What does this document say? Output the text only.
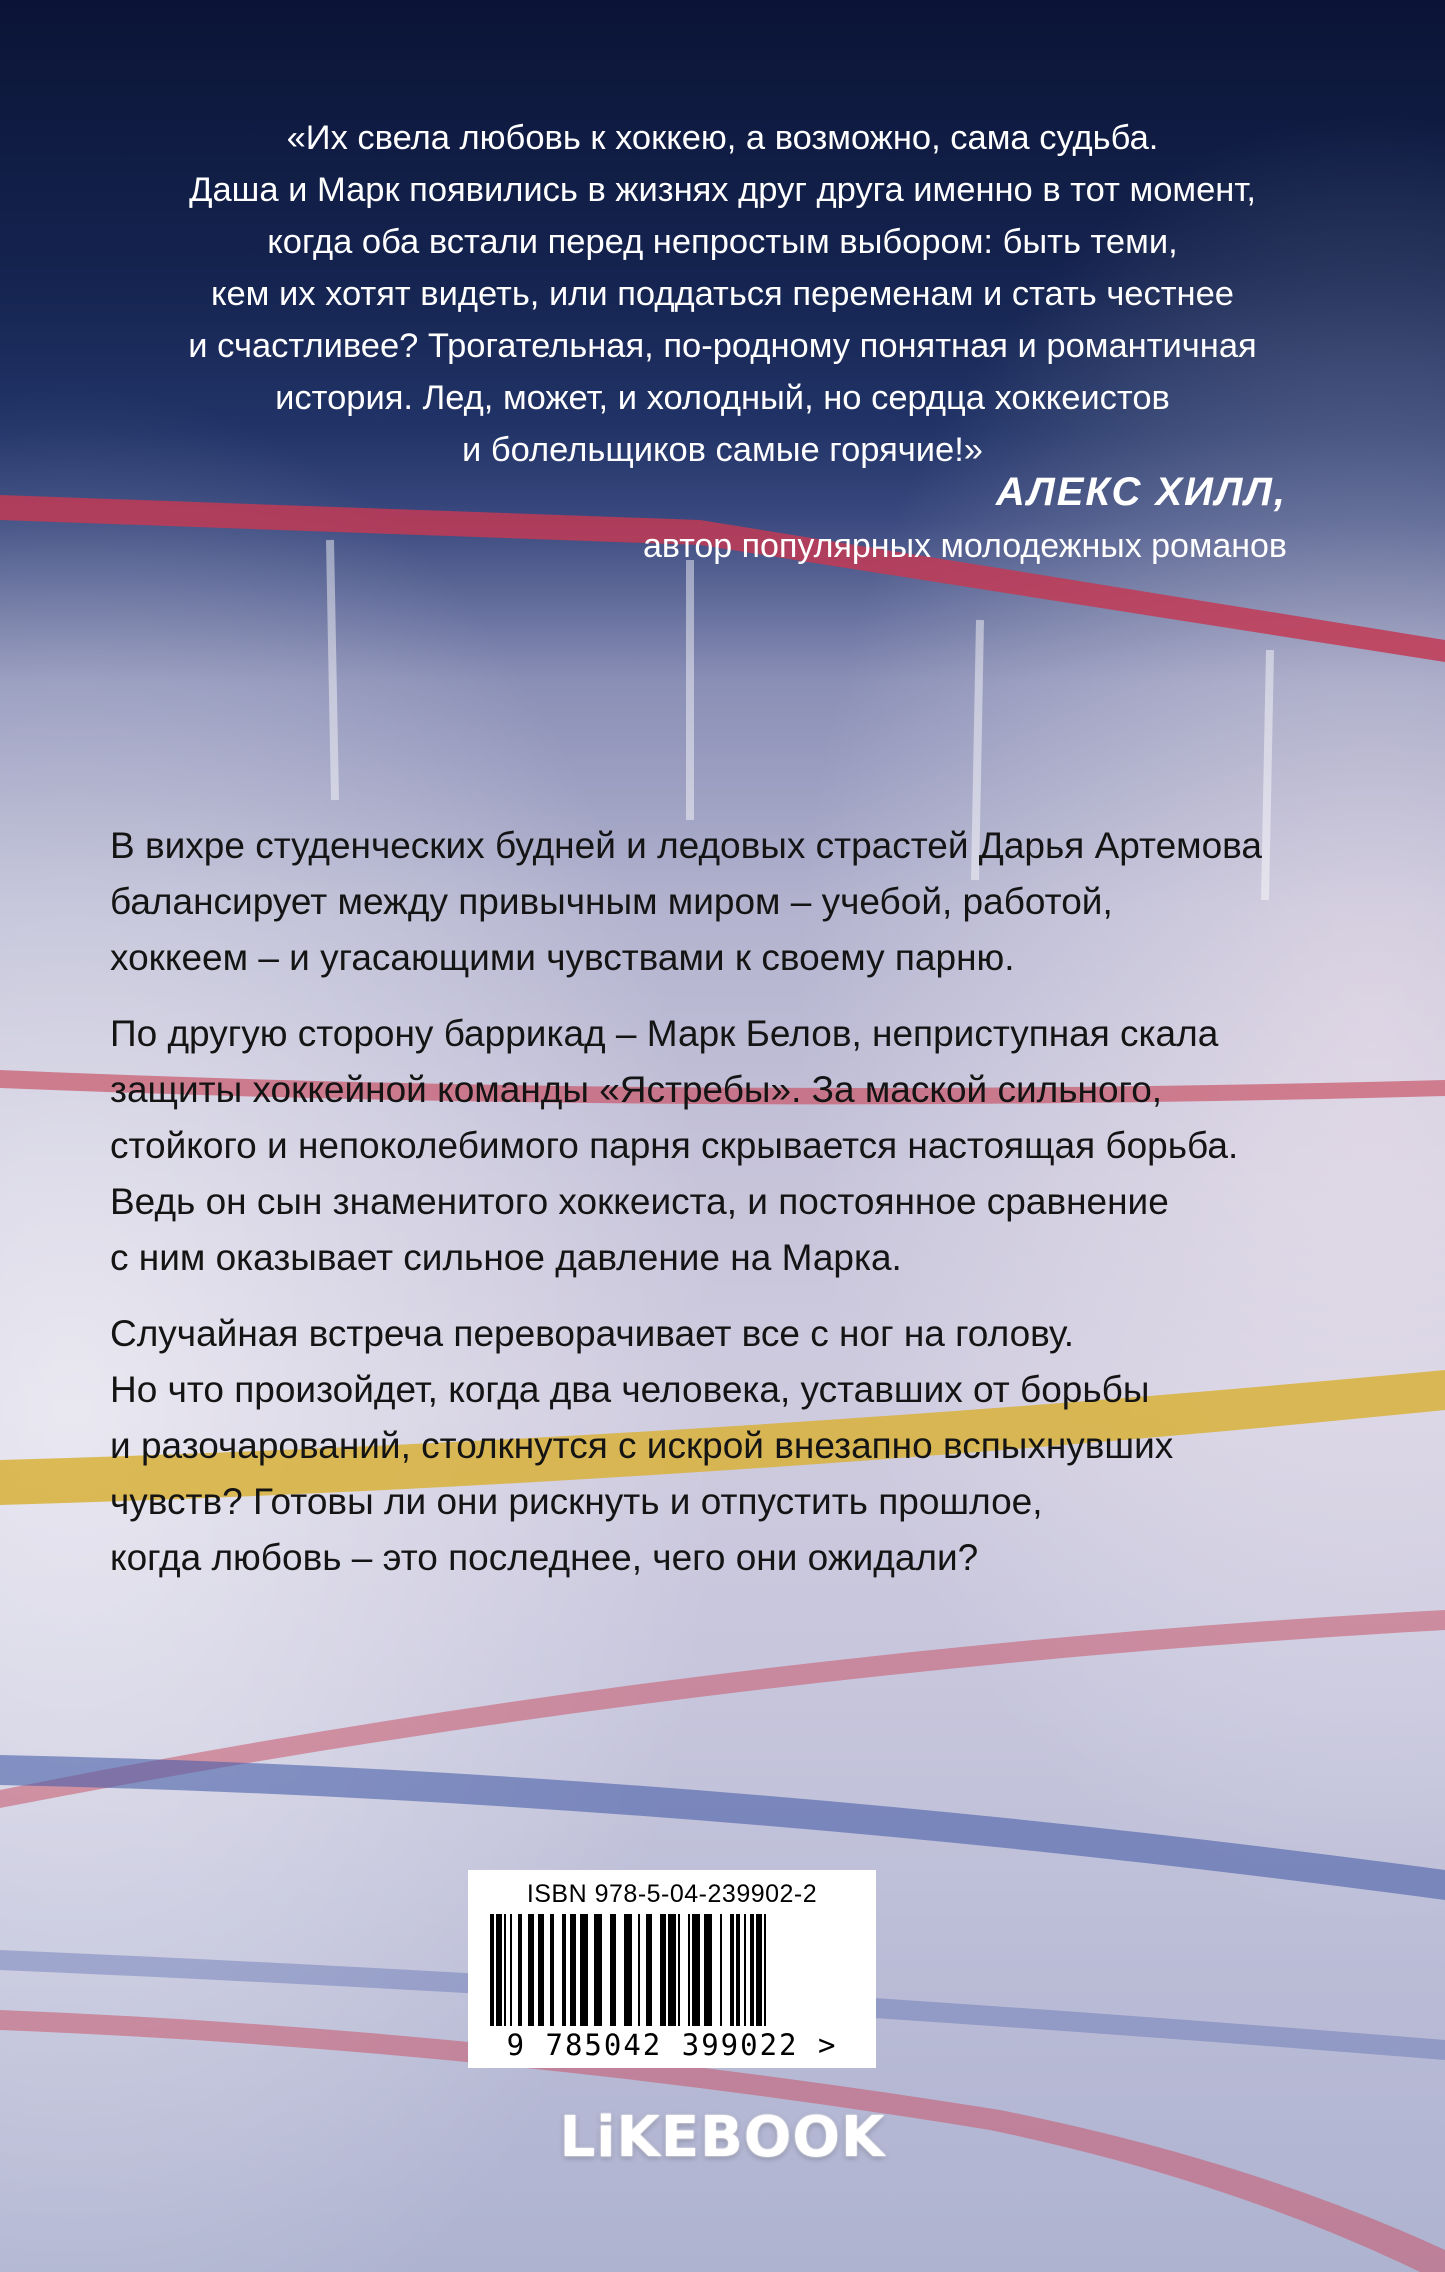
«Их свела любовь к хоккею, а возможно, сама судьба.

Даша и Марк появились в жизнях друг друга именно в тот момент,

когда оба встали перед непростым выбором: быть теми,

кем их хотят видеть, или поддаться переменам и стать честнее

и счастливее? Трогательная, по-родному понятная и романтичная

история. Лед, может, и холодный, но сердца хоккеистов

и болельщиков самые горячие!»

АЛЕКС ХИЛЛ,
автор популярных молодежных романов
В вихре студенческих будней и ледовых страстей Дарья Артемова
балансирует между привычным миром – учебой, работой,
хоккеем – и угасающими чувствами к своему парню.
По другую сторону баррикад – Марк Белов, неприступная скала
защиты хоккейной команды «Ястребы». За маской сильного,
стойкого и непоколебимого парня скрывается настоящая борьба.
Ведь он сын знаменитого хоккеиста, и постоянное сравнение
с ним оказывает сильное давление на Марка.
Случайная встреча переворачивает все с ног на голову.
Но что произойдет, когда два человека, уставших от борьбы
и разочарований, столкнутся с искрой внезапно вспыхнувших
чувств? Готовы ли они рискнуть и отпустить прошлое,
когда любовь – это последнее, чего они ожидали?
ISBN 978-5-04-239902-2
9 785042 399022 >
LiKEBOOK
